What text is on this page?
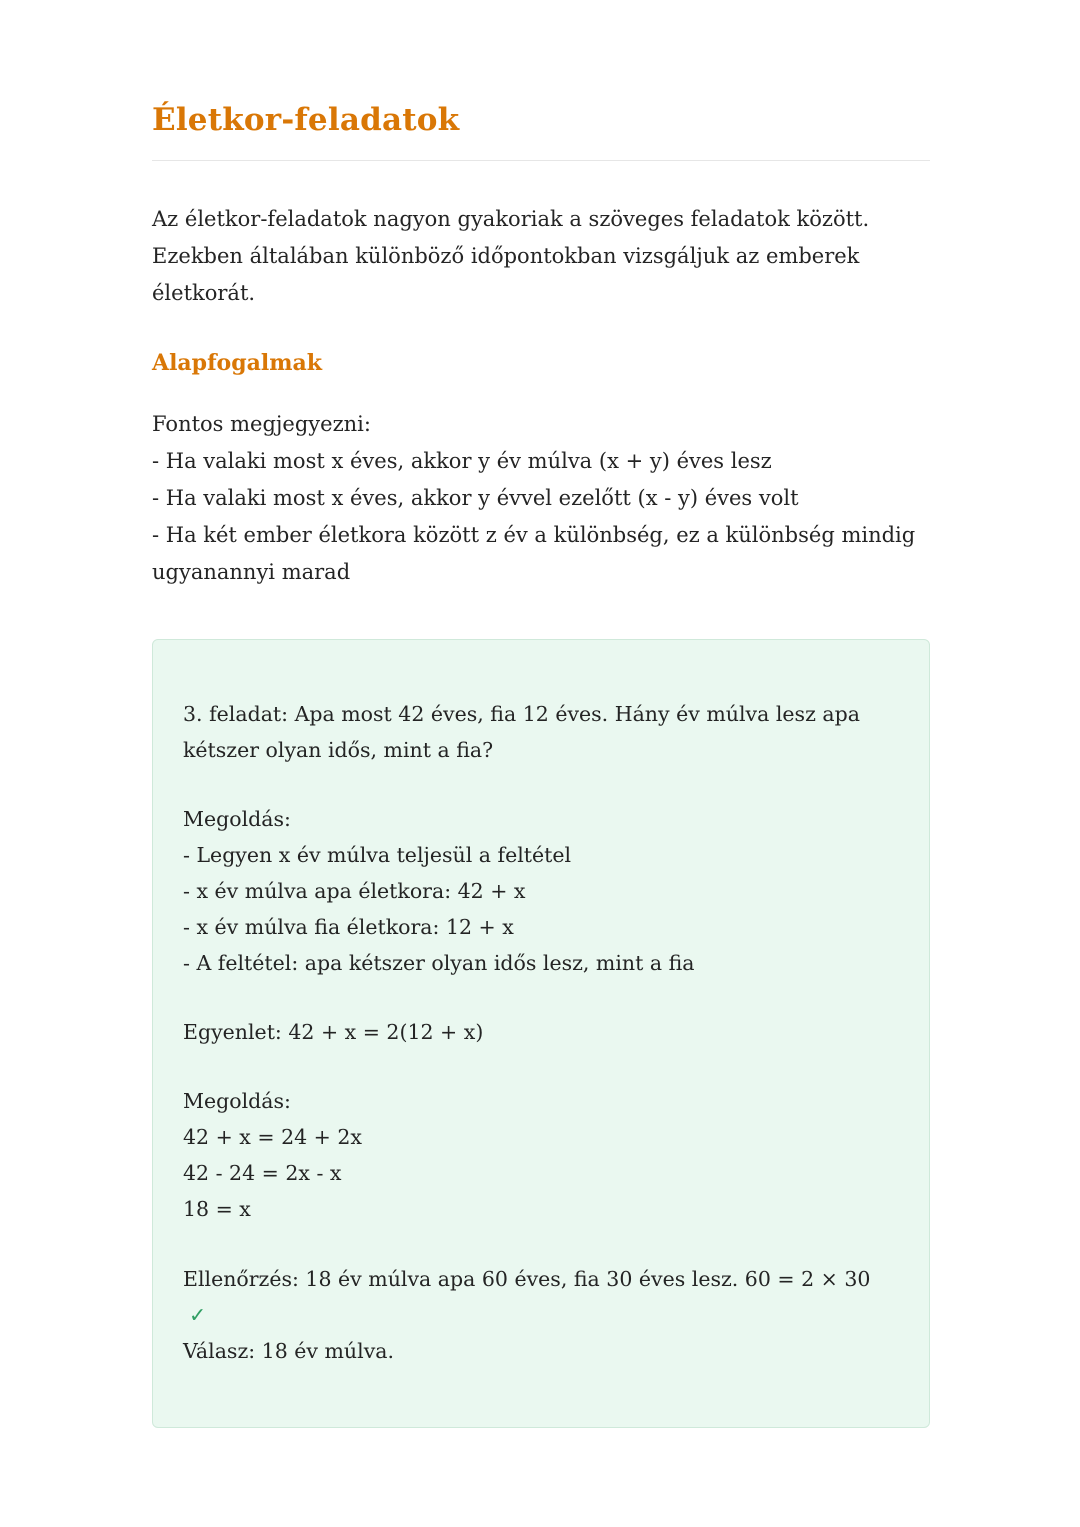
Életkor-feladatok

Az életkor-feladatok nagyon gyakoriak a szöveges feladatok között. Ezekben általában különböző időpontokban vizsgáljuk az emberek életkorát.

Alapfogalmak
Fontos megjegyezni:
- Ha valaki most x éves, akkor y év múlva (x + y) éves lesz
- Ha valaki most x éves, akkor y évvel ezelőtt (x - y) éves volt
- Ha két ember életkora között z év a különbség, ez a különbség mindig ugyanannyi marad

3. feladat: Apa most 42 éves, fia 12 éves. Hány év múlva lesz apa kétszer olyan idős, mint a fia?

Megoldás:
- Legyen x év múlva teljesül a feltétel
- x év múlva apa életkora: 42 + x
- x év múlva fia életkora: 12 + x
- A feltétel: apa kétszer olyan idős lesz, mint a fia

Egyenlet: 42 + x = 2(12 + x)

Megoldás:
42 + x = 24 + 2x
42 - 24 = 2x - x
18 = x
Ellenőrzés: 18 év múlva apa 60 éves, fia 30 éves lesz. 60 = 2 × 30 ✓
Válasz: 18 év múlva.
